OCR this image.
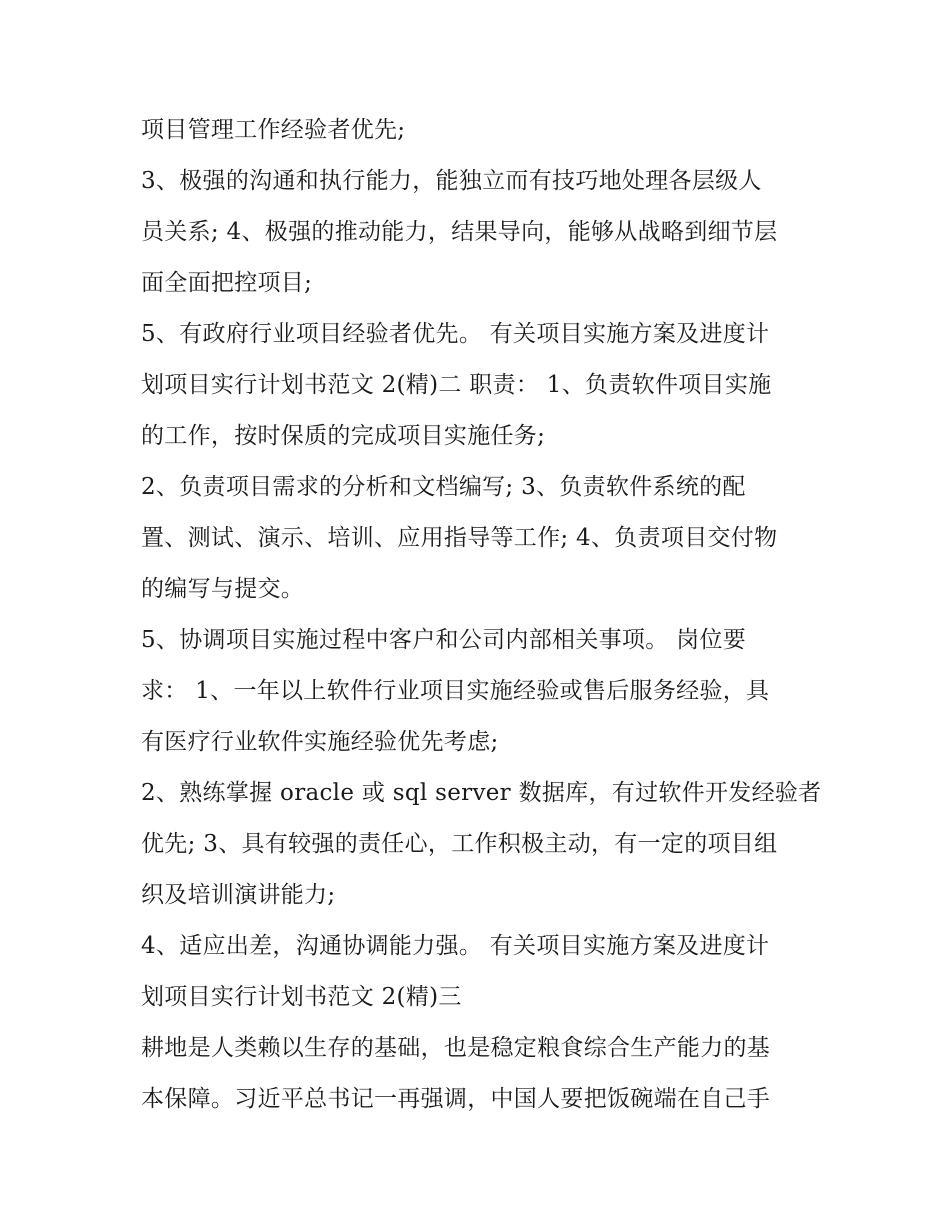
项目管理工作经验者优先;
3、极强的沟通和执行能力，能独立而有技巧地处理各层级人
员关系; 4、极强的推动能力，结果导向，能够从战略到细节层
面全面把控项目;
5、有政府行业项目经验者优先。 有关项目实施方案及进度计
划项目实行计划书范文 2(精)二 职责： 1、负责软件项目实施
的工作，按时保质的完成项目实施任务;
2、负责项目需求的分析和文档编写; 3、负责软件系统的配
置、测试、演示、培训、应用指导等工作; 4、负责项目交付物
的编写与提交。
5、协调项目实施过程中客户和公司内部相关事项。 岗位要
求： 1、一年以上软件行业项目实施经验或售后服务经验，具
有医疗行业软件实施经验优先考虑;
2、熟练掌握 oracle 或 sql server 数据库，有过软件开发经验者
优先; 3、具有较强的责任心，工作积极主动，有一定的项目组
织及培训演讲能力;
4、适应出差，沟通协调能力强。 有关项目实施方案及进度计
划项目实行计划书范文 2(精)三
耕地是人类赖以生存的基础，也是稳定粮食综合生产能力的基
本保障。习近平总书记一再强调，中国人要把饭碗端在自己手
